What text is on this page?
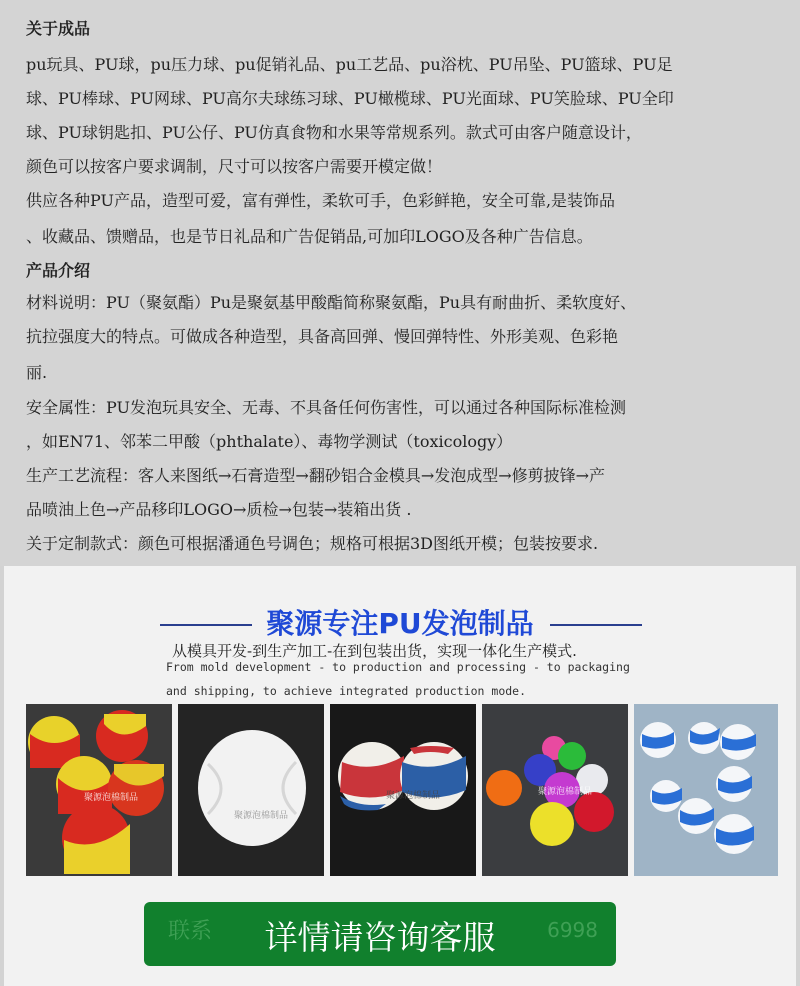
关于成品
pu玩具、PU球，pu压力球、pu促销礼品、pu工艺品、pu浴枕、PU吊坠、PU篮球、PU足
球、PU棒球、PU网球、PU高尔夫球练习球、PU橄榄球、PU光面球、PU笑脸球、PU全印
球、PU球钥匙扣、PU公仔、PU仿真食物和水果等常规系列。款式可由客户随意设计，
颜色可以按客户要求调制，尺寸可以按客户需要开模定做！
供应各种PU产品，造型可爱，富有弹性，柔软可手，色彩鲜艳，安全可靠,是装饰品
、收藏品、馈赠品，也是节日礼品和广告促销品,可加印LOGO及各种广告信息。
产品介绍
材料说明：PU（聚氨酯）Pu是聚氨基甲酸酯简称聚氨酯，Pu具有耐曲折、柔软度好、
抗拉强度大的特点。可做成各种造型，具备高回弹、慢回弹特性、外形美观、色彩艳
丽.
安全属性：PU发泡玩具安全、无毒、不具备任何伤害性，可以通过各种国际标准检测
，如EN71、邻苯二甲酸（phthalate）、毒物学测试（toxicology）
生产工艺流程：客人来图纸→石膏造型→翻砂铝合金模具→发泡成型→修剪披锋→产
品喷油上色→产品移印LOGO→质检→包装→装箱出货 .
关于定制款式：颜色可根据潘通色号调色；规格可根据3D图纸开模；包装按要求.
聚源专注PU发泡制品
从模具开发-到生产加工-在到包装出货，实现一体化生产模式.
From mold development - to production and processing - to packaging
and shipping, to achieve integrated production mode.
聚源泡棉制品
聚源泡棉制品
聚源泡棉制品	聚源泡棉制品
联系	6998
详情请咨询客服
